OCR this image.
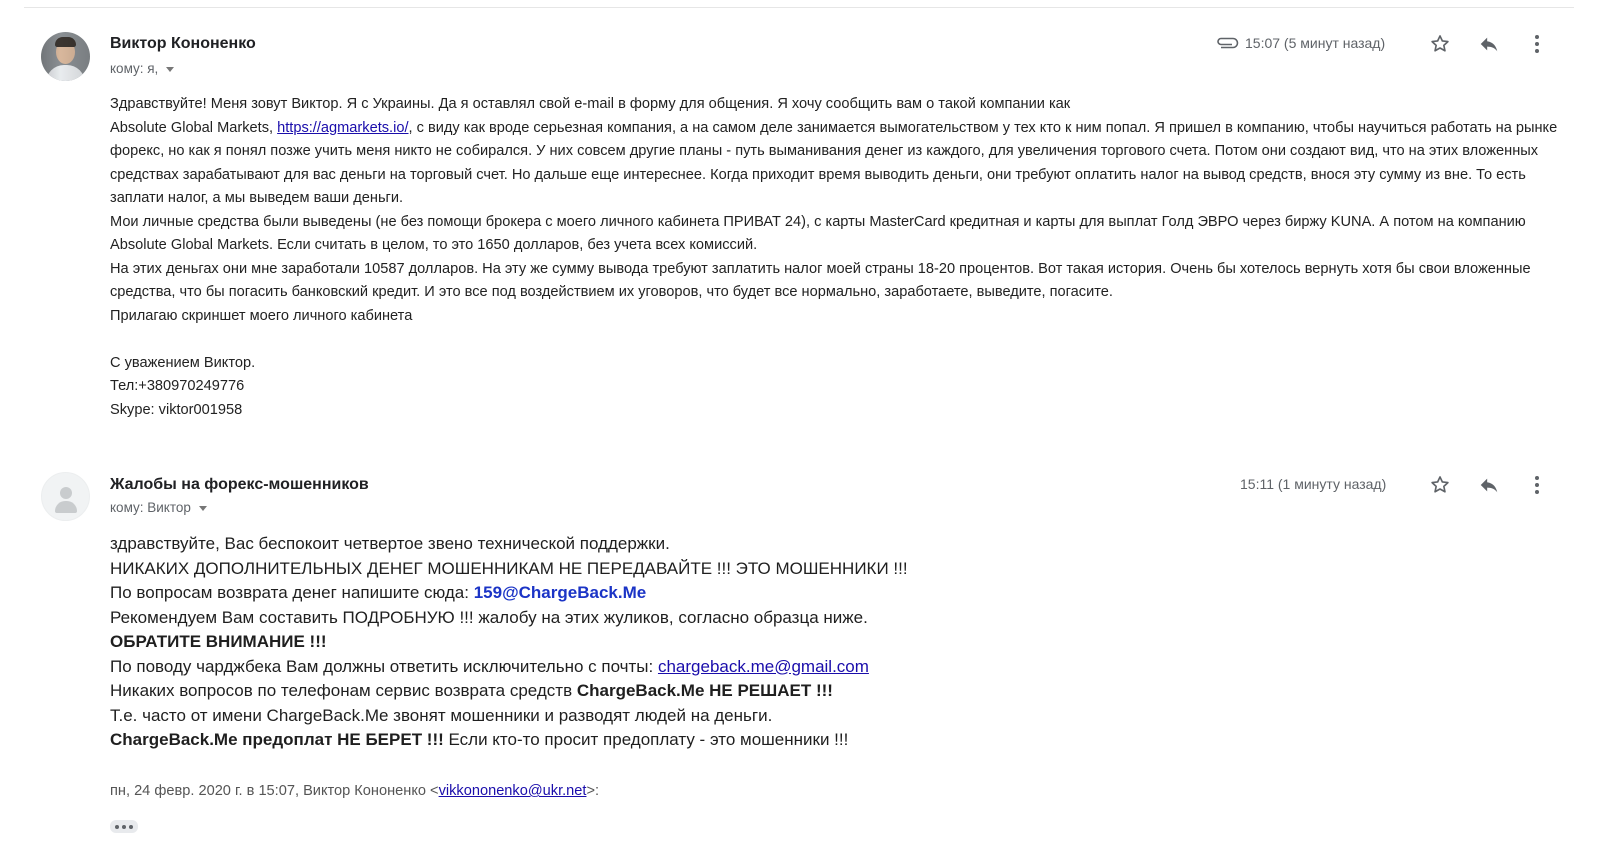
Виктор Кононенко
кому: я,
15:07 (5 минут назад)

Здравствуйте! Меня зовут Виктор. Я с Украины. Да я оставлял свой e-mail в форму для общения. Я хочу сообщить вам о такой компании как

Absolute Global Markets, https://agmarkets.io/, с виду как вроде серьезная компания, а на самом деле занимается вымогательством у тех кто к ним попал. Я пришел в компанию, чтобы научиться работать на рынке форекс, но как я понял позже учить меня никто не собирался. У них совсем другие планы - путь выманивания денег из каждого, для увеличения торгового счета. Потом они создают вид, что на этих вложенных средствах зарабатывают для вас деньги на торговый счет. Но дальше еще интереснее. Когда приходит время выводить деньги, они требуют оплатить налог на вывод средств, внося эту сумму из вне. То есть заплати налог, а мы выведем ваши деньги.

Мои личные средства были выведены (не без помощи брокера с моего личного кабинета ПРИВАТ 24), с карты MasterCard кредитная и карты для выплат Голд ЭВРО через биржу KUNA. А потом на компанию Absolute Global Markets. Если считать в целом, то это 1650 долларов, без учета всех комиссий.

На этих деньгах они мне заработали 10587 долларов. На эту же сумму вывода требуют заплатить налог моей страны 18-20 процентов. Вот такая история. Очень бы хотелось вернуть хотя бы свои вложенные средства, что бы погасить банковский кредит. И это все под воздействием их уговоров, что будет все нормально, заработаете, выведите, погасите.

Прилагаю скриншет моего личного кабинета

С уважением Виктор.

Тел:+380970249776

Skype: viktor001958

Жалобы на форекс-мошенников
кому: Виктор
15:11 (1 минуту назад)

здравствуйте, Вас беспокоит четвертое звено технической поддержки.

НИКАКИХ ДОПОЛНИТЕЛЬНЫХ ДЕНЕГ МОШЕННИКАМ НЕ ПЕРЕДАВАЙТЕ !!! ЭТО МОШЕННИКИ !!!

По вопросам возврата денег напишите сюда: 159@ChargeBack.Me

Рекомендуем Вам составить ПОДРОБНУЮ !!! жалобу на этих жуликов, согласно образца ниже.

ОБРАТИТЕ ВНИМАНИЕ !!!

По поводу чарджбека Вам должны ответить исключительно с почты: chargeback.me@gmail.com

Никаких вопросов по телефонам сервис возврата средств ChargeBack.Me НЕ РЕШАЕТ !!!

Т.е. часто от имени ChargeBack.Me звонят мошенники и разводят людей на деньги.

ChargeBack.Me предоплат НЕ БЕРЕТ !!! Если кто-то просит предоплату - это мошенники !!!

пн, 24 февр. 2020 г. в 15:07, Виктор Кононенко <vikkononenko@ukr.net>:
